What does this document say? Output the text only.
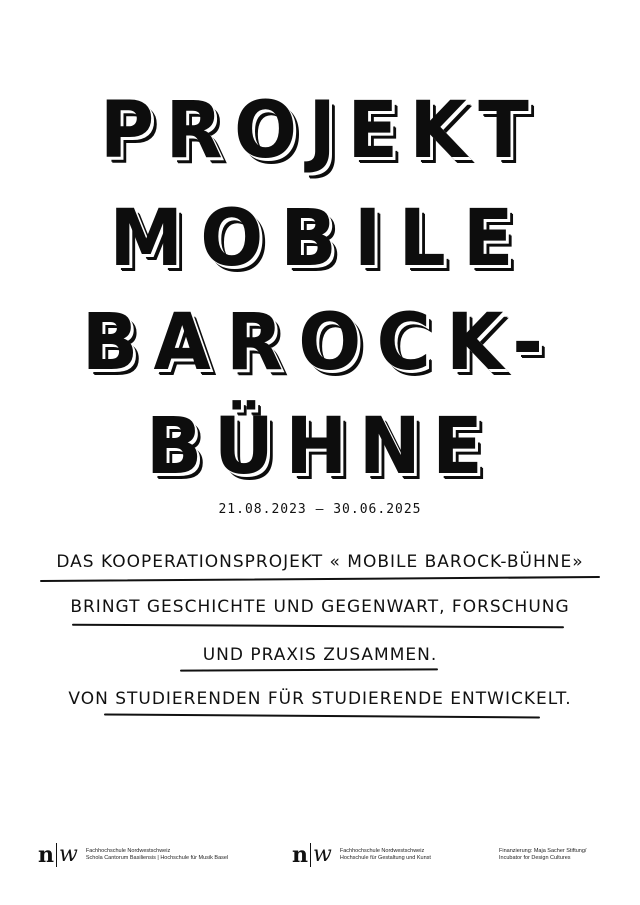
PROJEKT
MOBILE
BAROCK-
BÜHNE
21.08.2023 – 30.06.2025
DAS KOOPERATIONSPROJEKT « MOBILE BAROCK-BÜHNE»
BRINGT GESCHICHTE UND GEGENWART, FORSCHUNG
UND PRAXIS ZUSAMMEN.
VON STUDIERENDEN FÜR STUDIERENDE ENTWICKELT.
n w Fachhochschule Nordwestschweiz
Schola Cantorum Basiliensis | Hochschule für Musik Basel	n w Fachhochschule Nordwestschweiz
Hochschule für Gestaltung und Kunst
Finanzierung: Maja Sacher Stiftung/
Incubator for Design Cultures
